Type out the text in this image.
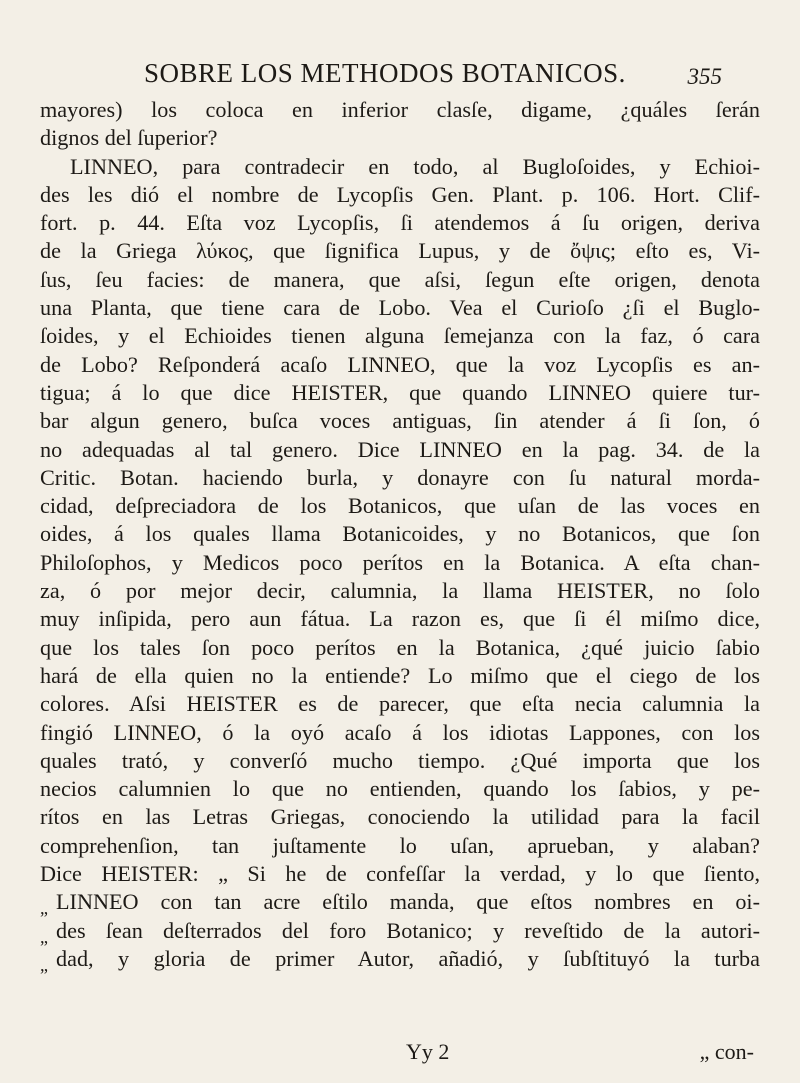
SOBRE LOS METHODOS BOTANICOS.	355
mayores) los coloca en inferior clasſe, digame, ¿quáles ſerán
dignos del ſuperior?
LINNEO, para contradecir en todo, al Bugloſoides, y Echioi-
des les dió el nombre de Lycopſis Gen. Plant. p. 106. Hort. Clif-
fort. p. 44. Eſta voz Lycopſis, ſi atendemos á ſu origen, deriva
de la Griega λύκος, que ſignifica Lupus, y de ὄψις; eſto es, Vi-
ſus, ſeu facies: de manera, que aſsi, ſegun eſte origen, denota
una Planta, que tiene cara de Lobo. Vea el Curioſo ¿ſi el Buglo-
ſoides, y el Echioides tienen alguna ſemejanza con la faz, ó cara
de Lobo? Reſponderá acaſo LINNEO, que la voz Lycopſis es an-
tigua; á lo que dice HEISTER, que quando LINNEO quiere tur-
bar algun genero, buſca voces antiguas, ſin atender á ſi ſon, ó
no adequadas al tal genero. Dice LINNEO en la pag. 34. de la
Critic. Botan. haciendo burla, y donayre con ſu natural morda-
cidad, deſpreciadora de los Botanicos, que uſan de las voces en
oides, á los quales llama Botanicoides, y no Botanicos, que ſon
Philoſophos, y Medicos poco perítos en la Botanica. A eſta chan-
za, ó por mejor decir, calumnia, la llama HEISTER, no ſolo
muy inſipida, pero aun fátua. La razon es, que ſi él miſmo dice,
que los tales ſon poco perítos en la Botanica, ¿qué juicio ſabio
hará de ella quien no la entiende? Lo miſmo que el ciego de los
colores. Aſsi HEISTER es de parecer, que eſta necia calumnia la
fingió LINNEO, ó la oyó acaſo á los idiotas Lappones, con los
quales trató, y converſó mucho tiempo. ¿Qué importa que los
necios calumnien lo que no entienden, quando los ſabios, y pe-
rítos en las Letras Griegas, conociendo la utilidad para la facil
comprehenſion, tan juſtamente lo uſan, aprueban, y alaban?
Dice HEISTER: „ Si he de confeſſar la verdad, y lo que ſiento,
„ LINNEO con tan acre eſtilo manda, que eſtos nombres en oi-
„ des ſean deſterrados del foro Botanico; y reveſtido de la autori-
„ dad, y gloria de primer Autor, añadió, y ſubſtituyó la turba
Yy 2	„ con-
